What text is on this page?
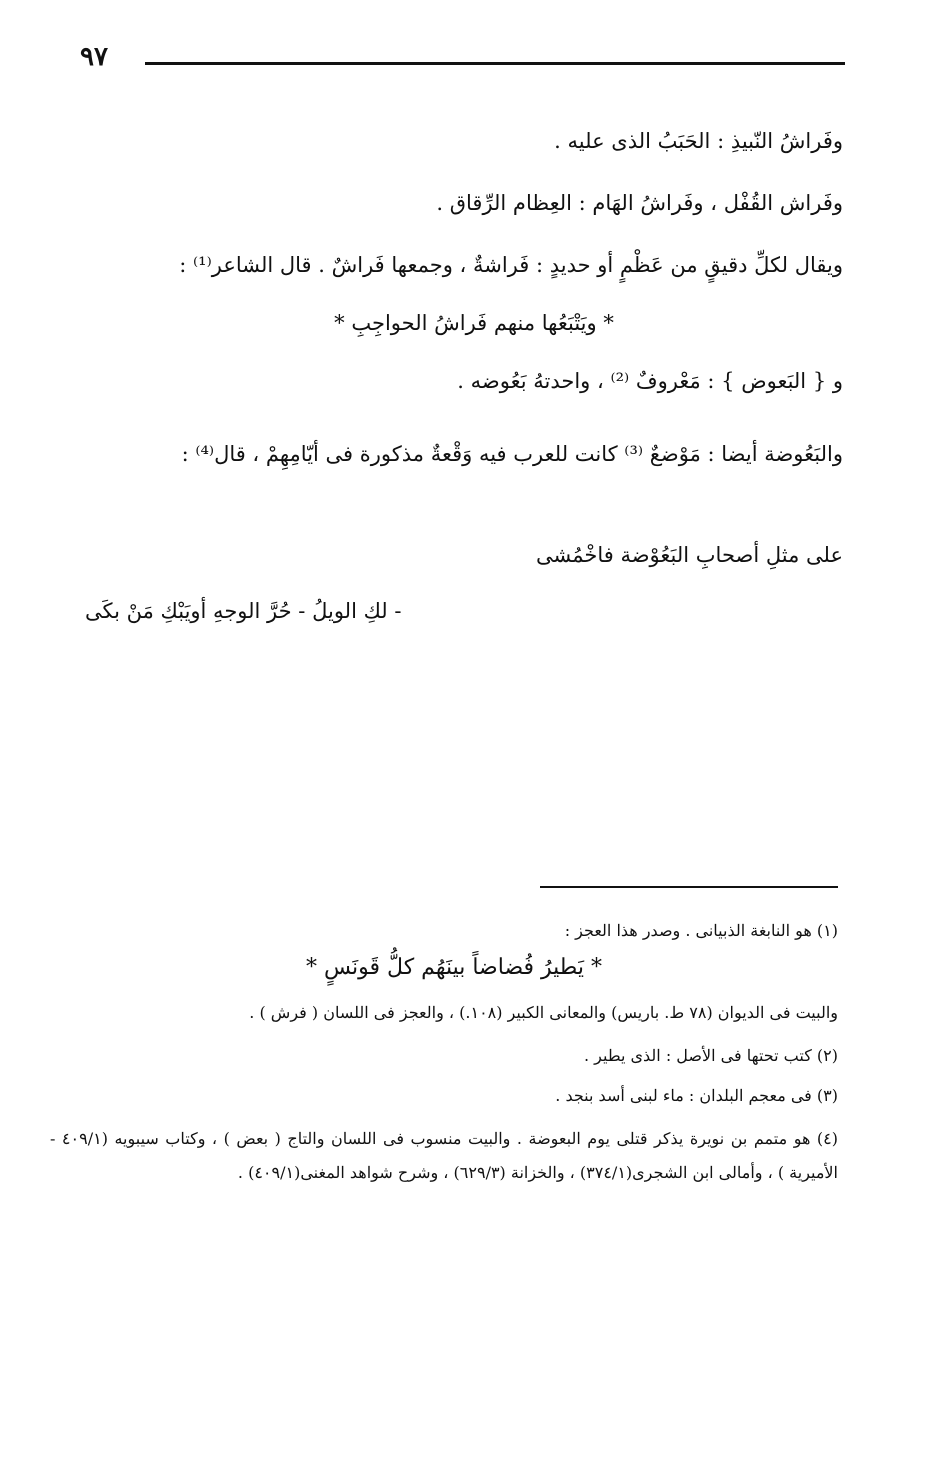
٩٧
وفَراشُ النّبيذِ : الحَبَبُ الذى عليه .
وفَراش القُفْل ، وفَراشُ الهَام : العِظام الرِّقاق .
ويقال لكلِّ دقيقٍ من عَظْمٍ أو حديدٍ : فَراشةٌ ، وجمعها فَراشٌ . قال الشاعر⁽¹⁾ :
* ويَتْبَعُها منهم فَراشُ الحواجِبِ *
و { البَعوض } : مَعْروفٌ ⁽²⁾ ، واحدتهُ بَعُوضه .
والبَعُوضة أيضا : مَوْضعٌ ⁽³⁾ كانت للعرب فيه وَقْعةٌ مذكورة فى أيّامِهِمْ ، قال⁽⁴⁾ :
على مثلِ أصحابِ البَعُوْضة فاخْمُشى
- لكِ الويلُ - حُرَّ الوجهِ أويَبْكِ مَنْ بكَى
(١) هو النابغة الذبيانى . وصدر هذا العجز :
* يَطيرُ فُضاضاً بينَهُم كلُّ قَونَسٍ *
والبيت فى الديوان (٧٨ ط. باريس) والمعانى الكبير (١٠٨.) ، والعجز فى اللسان ( فرش ) .
(٢) كتب تحتها فى الأصل : الذى يطير .
(٣) فى معجم البلدان : ماء لبنى أسد بنجد .
(٤) هو متمم بن نويرة يذكر قتلى يوم البعوضة . والبيت منسوب فى اللسان والتاج ( بعض ) ، وكتاب سيبويه (٤٠٩/١ - الأميرية ) ، وأمالى ابن الشجرى(٣٧٤/١) ، والخزانة (٦٢٩/٣) ، وشرح شواهد المغنى(٤٠٩/١) .
